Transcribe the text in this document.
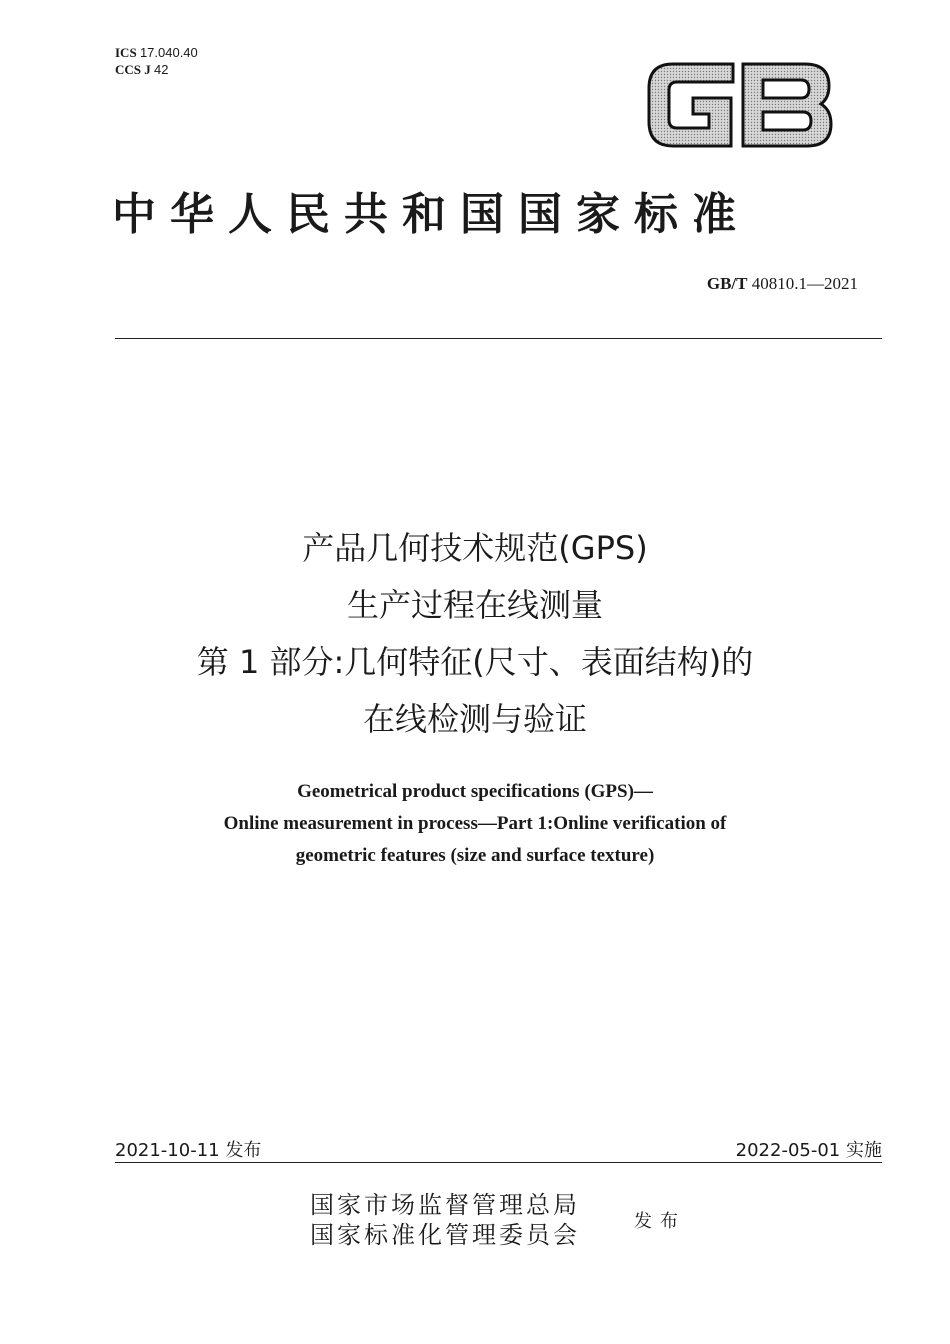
ICS 17.040.40
CCS J 42
中华人民共和国国家标准
GB/T 40810.1—2021
产品几何技术规范(GPS)
生产过程在线测量
第 1 部分:几何特征(尺寸、表面结构)的
在线检测与验证
Geometrical product specifications (GPS)—
Online measurement in process—Part 1:Online verification of
geometric features (size and surface texture)
2021-10-11 发布	2022-05-01 实施
国家市场监督管理总局
国家标准化管理委员会	发布
